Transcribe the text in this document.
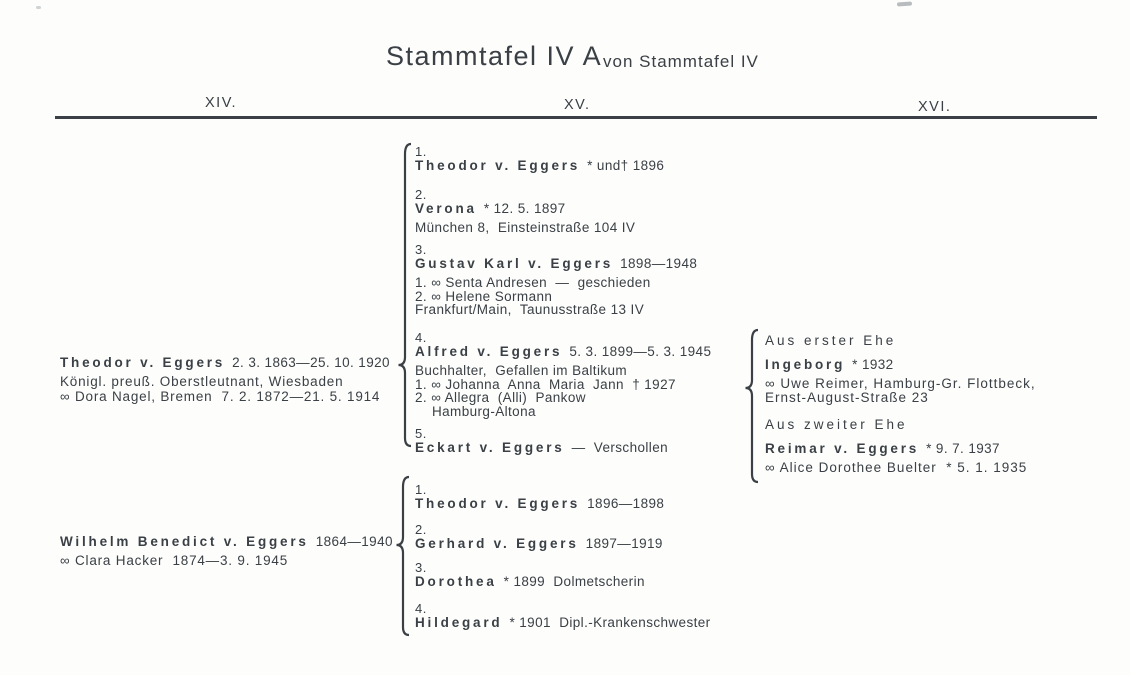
Stammtafel IV A von Stammtafel IV
XIV.	XV.	XVI.
Theodor v. Eggers 2. 3. 1863—25. 10. 1920
Königl. preuß. Oberstleutnant, Wiesbaden
∞ Dora Nagel, Bremen  7. 2. 1872—21. 5. 1914
Wilhelm Benedict v. Eggers 1864—1940
∞ Clara Hacker  1874—3. 9. 1945
1.
Theodor v. Eggers * und† 1896
2.
Verona * 12. 5. 1897
München 8,  Einsteinstraße 104 IV
3.
Gustav Karl v. Eggers 1898—1948
1. ∞ Senta Andresen  —  geschieden
2. ∞ Helene Sormann
Frankfurt/Main,  Taunusstraße 13 IV
4.
Alfred v. Eggers 5. 3. 1899—5. 3. 1945
Buchhalter,  Gefallen im Baltikum
1. ∞ Johanna  Anna  Maria  Jann  † 1927
2. ∞ Allegra  (Alli)  Pankow
Hamburg-Altona
5.
Eckart v. Eggers —  Verschollen
1.
Theodor v. Eggers 1896—1898
2.
Gerhard v. Eggers 1897—1919
3.
Dorothea * 1899  Dolmetscherin
4.
Hildegard * 1901  Dipl.-Krankenschwester
Aus erster Ehe
Ingeborg * 1932
∞ Uwe Reimer, Hamburg-Gr. Flottbeck,
Ernst-August-Straße 23
Aus zweiter Ehe
Reimar v. Eggers * 9. 7. 1937
∞ Alice Dorothee Buelter  * 5. 1. 1935
